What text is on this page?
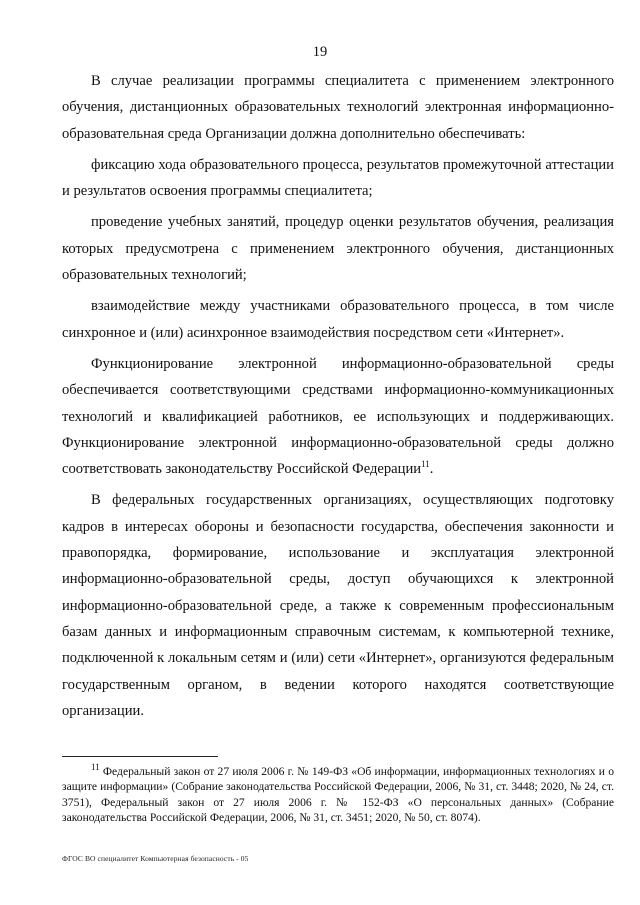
19

В случае реализации программы специалитета с применением электронного обучения, дистанционных образовательных технологий электронная информационно-образовательная среда Организации должна дополнительно обеспечивать:

фиксацию хода образовательного процесса, результатов промежуточной аттестации и результатов освоения программы специалитета;

проведение учебных занятий, процедур оценки результатов обучения, реализация которых предусмотрена с применением электронного обучения, дистанционных образовательных технологий;

взаимодействие между участниками образовательного процесса, в том числе синхронное и (или) асинхронное взаимодействия посредством сети «Интернет».

Функционирование электронной информационно-образовательной среды обеспечивается соответствующими средствами информационно-коммуникационных технологий и квалификацией работников, ее использующих и поддерживающих. Функционирование электронной информационно-образовательной среды должно соответствовать законодательству Российской Федерации$^{11}$.

В федеральных государственных организациях, осуществляющих подготовку кадров в интересах обороны и безопасности государства, обеспечения законности и правопорядка, формирование, использование и эксплуатация электронной информационно-образовательной среды, доступ обучающихся к электронной информационно-образовательной среде, а также к современным профессиональным базам данных и информационным справочным системам, к компьютерной технике, подключенной к локальным сетям и (или) сети «Интернет», организуются федеральным государственным органом, в ведении которого находятся соответствующие организации.

$^{11}$ Федеральный закон от 27 июля 2006 г. № 149-ФЗ «Об информации, информационных технологиях и о защите информации» (Собрание законодательства Российской Федерации, 2006, № 31, ст. 3448; 2020, № 24, ст. 3751), Федеральный закон от 27 июля 2006 г. № 152-ФЗ «О персональных данных» (Собрание законодательства Российской Федерации, 2006, № 31, ст. 3451; 2020, № 50, ст. 8074).
ФГОС ВО специалитет Компьютерная безопасность - 05
